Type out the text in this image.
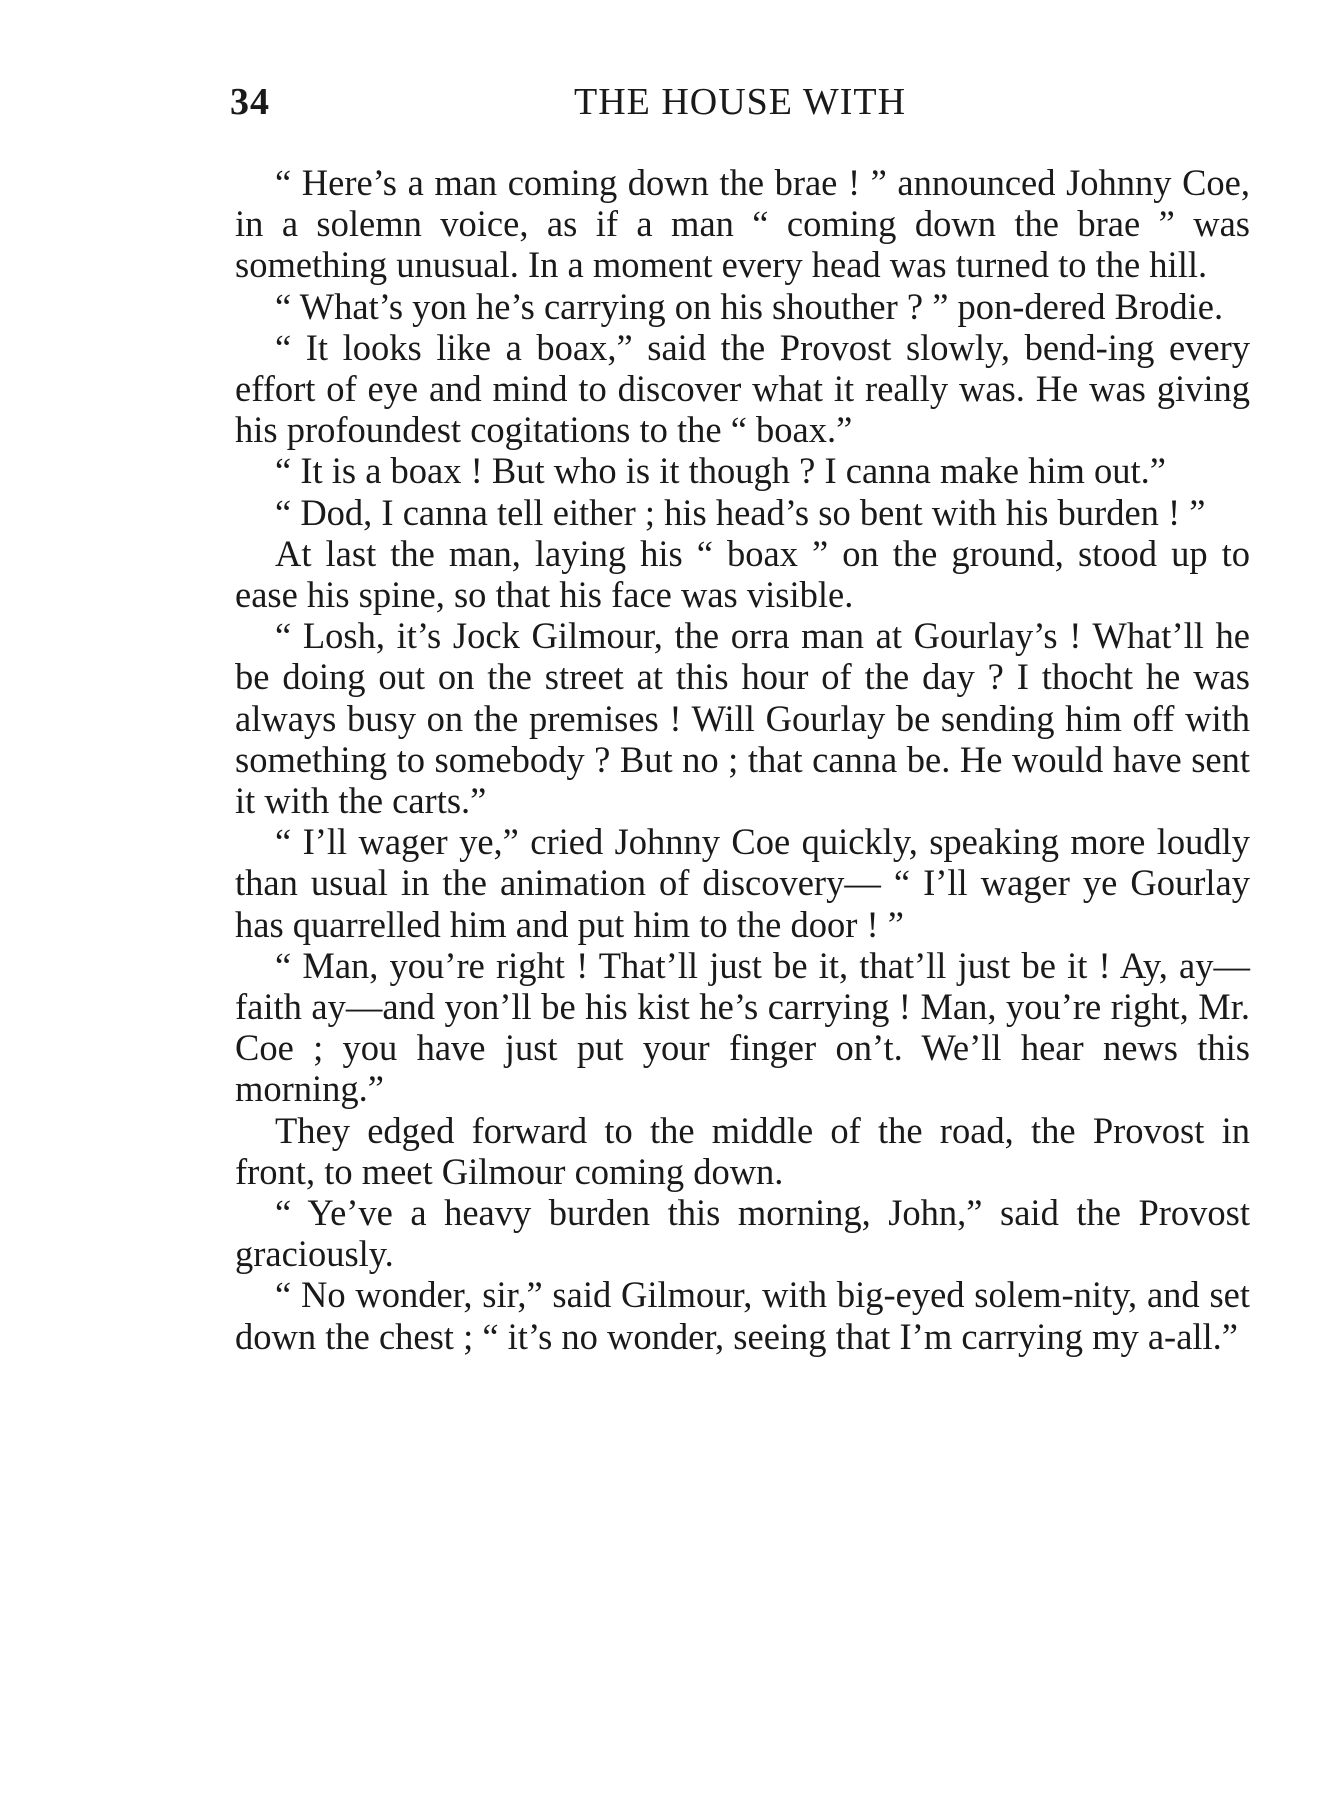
34	THE HOUSE WITH

“ Here’s a man coming down the brae ! ” announced Johnny Coe, in a solemn voice, as if a man “ coming down the brae ” was something unusual. In a moment every head was turned to the hill.

“ What’s yon he’s carrying on his shouther ? ” pon-dered Brodie.

“ It looks like a boax,” said the Provost slowly, bend-ing every effort of eye and mind to discover what it really was. He was giving his profoundest cogitations to the “ boax.”

“ It is a boax ! But who is it though ? I canna make him out.”

“ Dod, I canna tell either ; his head’s so bent with his burden ! ”

At last the man, laying his “ boax ” on the ground, stood up to ease his spine, so that his face was visible.

“ Losh, it’s Jock Gilmour, the orra man at Gourlay’s ! What’ll he be doing out on the street at this hour of the day ? I thocht he was always busy on the premises ! Will Gourlay be sending him off with something to somebody ? But no ; that canna be. He would have sent it with the carts.”

“ I’ll wager ye,” cried Johnny Coe quickly, speaking more loudly than usual in the animation of discovery— “ I’ll wager ye Gourlay has quarrelled him and put him to the door ! ”

“ Man, you’re right ! That’ll just be it, that’ll just be it ! Ay, ay—faith ay—and yon’ll be his kist he’s carrying ! Man, you’re right, Mr. Coe ; you have just put your finger on’t. We’ll hear news this morning.”

They edged forward to the middle of the road, the Provost in front, to meet Gilmour coming down.

“ Ye’ve a heavy burden this morning, John,” said the Provost graciously.

“ No wonder, sir,” said Gilmour, with big-eyed solem-nity, and set down the chest ; “ it’s no wonder, seeing that I’m carrying my a-all.”
